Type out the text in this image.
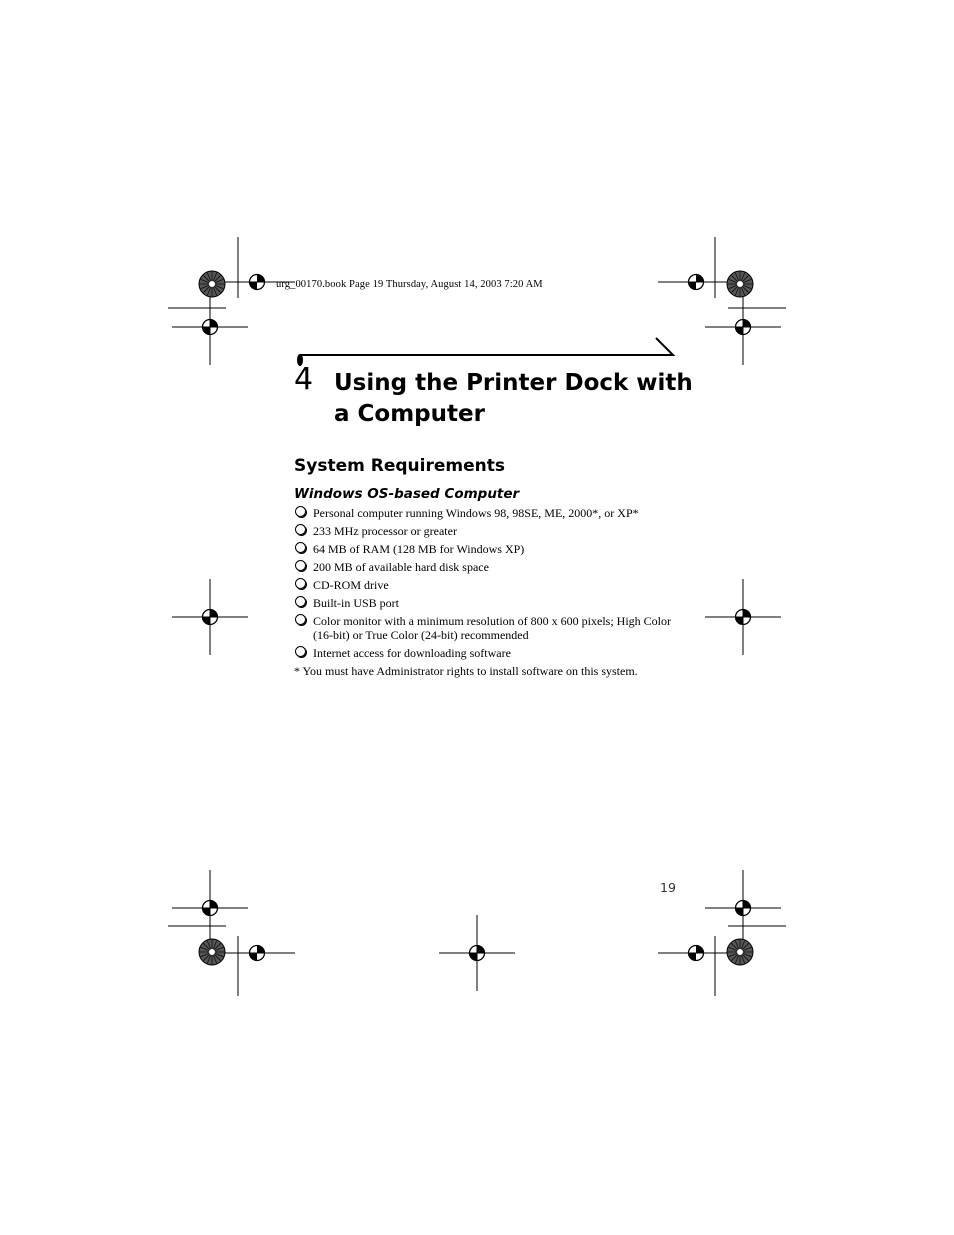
urg_00170.book Page 19 Thursday, August 14, 2003 7:20 AM
4 Using the Printer Dock with a Computer
System Requirements
Windows OS-based Computer
Personal computer running Windows 98, 98SE, ME, 2000*, or XP*
233 MHz processor or greater
64 MB of RAM (128 MB for Windows XP)
200 MB of available hard disk space
CD-ROM drive
Built-in USB port
Color monitor with a minimum resolution of 800 x 600 pixels; High Color (16-bit) or True Color (24-bit) recommended
Internet access for downloading software
* You must have Administrator rights to install software on this system.
19
